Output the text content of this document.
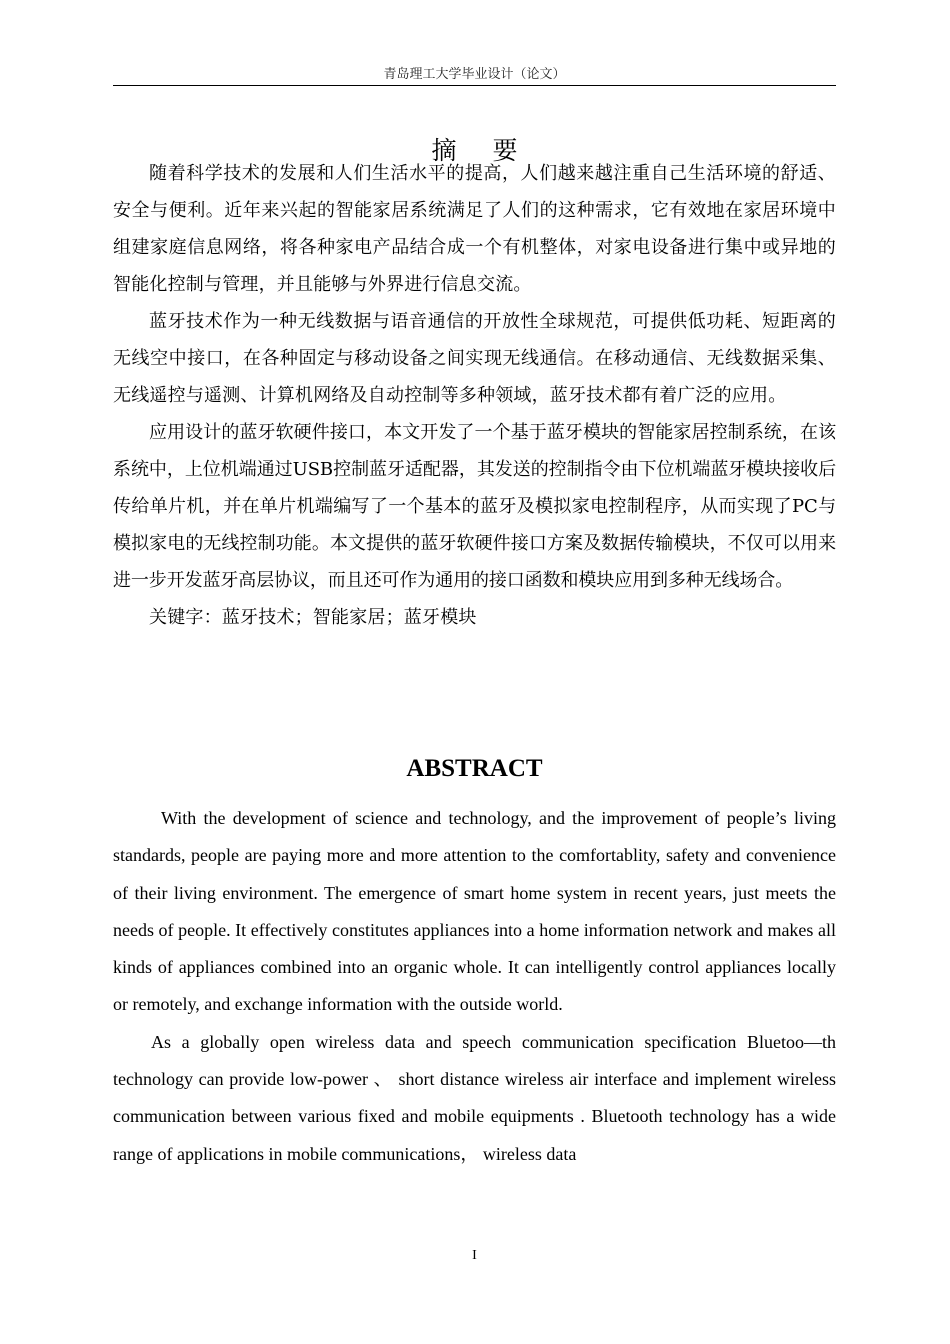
青岛理工大学毕业设计（论文）
摘 要

随着科学技术的发展和人们生活水平的提高，人们越来越注重自己生活环境的舒适、安全与便利。近年来兴起的智能家居系统满足了人们的这种需求，它有效地在家居环境中组建家庭信息网络，将各种家电产品结合成一个有机整体，对家电设备进行集中或异地的智能化控制与管理，并且能够与外界进行信息交流。

蓝牙技术作为一种无线数据与语音通信的开放性全球规范，可提供低功耗、短距离的无线空中接口，在各种固定与移动设备之间实现无线通信。在移动通信、无线数据采集、无线遥控与遥测、计算机网络及自动控制等多种领域，蓝牙技术都有着广泛的应用。

应用设计的蓝牙软硬件接口，本文开发了一个基于蓝牙模块的智能家居控制系统，在该系统中，上位机端通过USB控制蓝牙适配器，其发送的控制指令由下位机端蓝牙模块接收后传给单片机，并在单片机端编写了一个基本的蓝牙及模拟家电控制程序，从而实现了PC与模拟家电的无线控制功能。本文提供的蓝牙软硬件接口方案及数据传输模块，不仅可以用来进一步开发蓝牙高层协议，而且还可作为通用的接口函数和模块应用到多种无线场合。

关键字：蓝牙技术；智能家居；蓝牙模块

ABSTRACT

With the development of science and technology, and the improvement of people’s living standards, people are paying more and more attention to the comfortablity, safety and convenience of their living environment. The emergence of smart home system in recent years, just meets the needs of people. It effectively constitutes appliances into a home information network and makes all kinds of appliances combined into an organic whole. It can intelligently control appliances locally or remotely, and exchange information with the outside world.

As a globally open wireless data and speech communication specification Bluetoo—th technology can provide low-power 、 short distance wireless air interface and implement wireless communication between various fixed and mobile equipments . Bluetooth technology has a wide range of applications in mobile communications， wireless data

I
